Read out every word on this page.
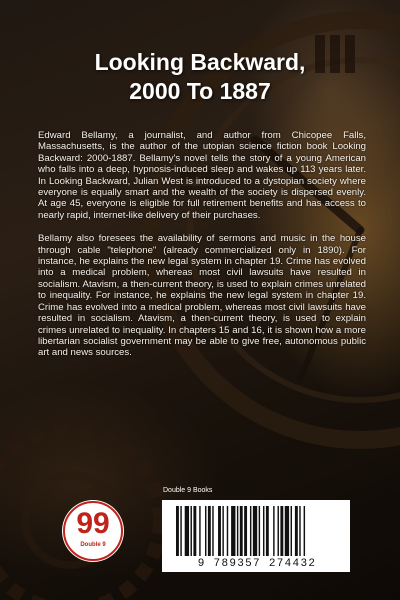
Looking Backward,
2000 To 1887

Edward Bellamy, a journalist, and author from Chicopee Falls, Massachusetts, is the author of the utopian science fiction book Looking Backward: 2000-1887. Bellamy's novel tells the story of a young American who falls into a deep, hypnosis-induced sleep and wakes up 113 years later. In Looking Backward, Julian West is introduced to a dystopian society where everyone is equally smart and the wealth of the society is dispersed evenly. At age 45, everyone is eligible for full retirement benefits and has access to nearly rapid, internet-like delivery of their purchases.

Bellamy also foresees the availability of sermons and music in the house through cable "telephone" (already commercialized only in 1890). For instance, he explains the new legal system in chapter 19. Crime has evolved into a medical problem, whereas most civil lawsuits have resulted in socialism. Atavism, a then-current theory, is used to explain crimes unrelated to inequality. For instance, he explains the new legal system in chapter 19. Crime has evolved into a medical problem, whereas most civil lawsuits have resulted in socialism. Atavism, a then-current theory, is used to explain crimes unrelated to inequality. In chapters 15 and 16, it is shown how a more libertarian socialist government may be able to give free, autonomous public art and news sources.

99
Double 9
Double 9 Books
9 789357 274432
